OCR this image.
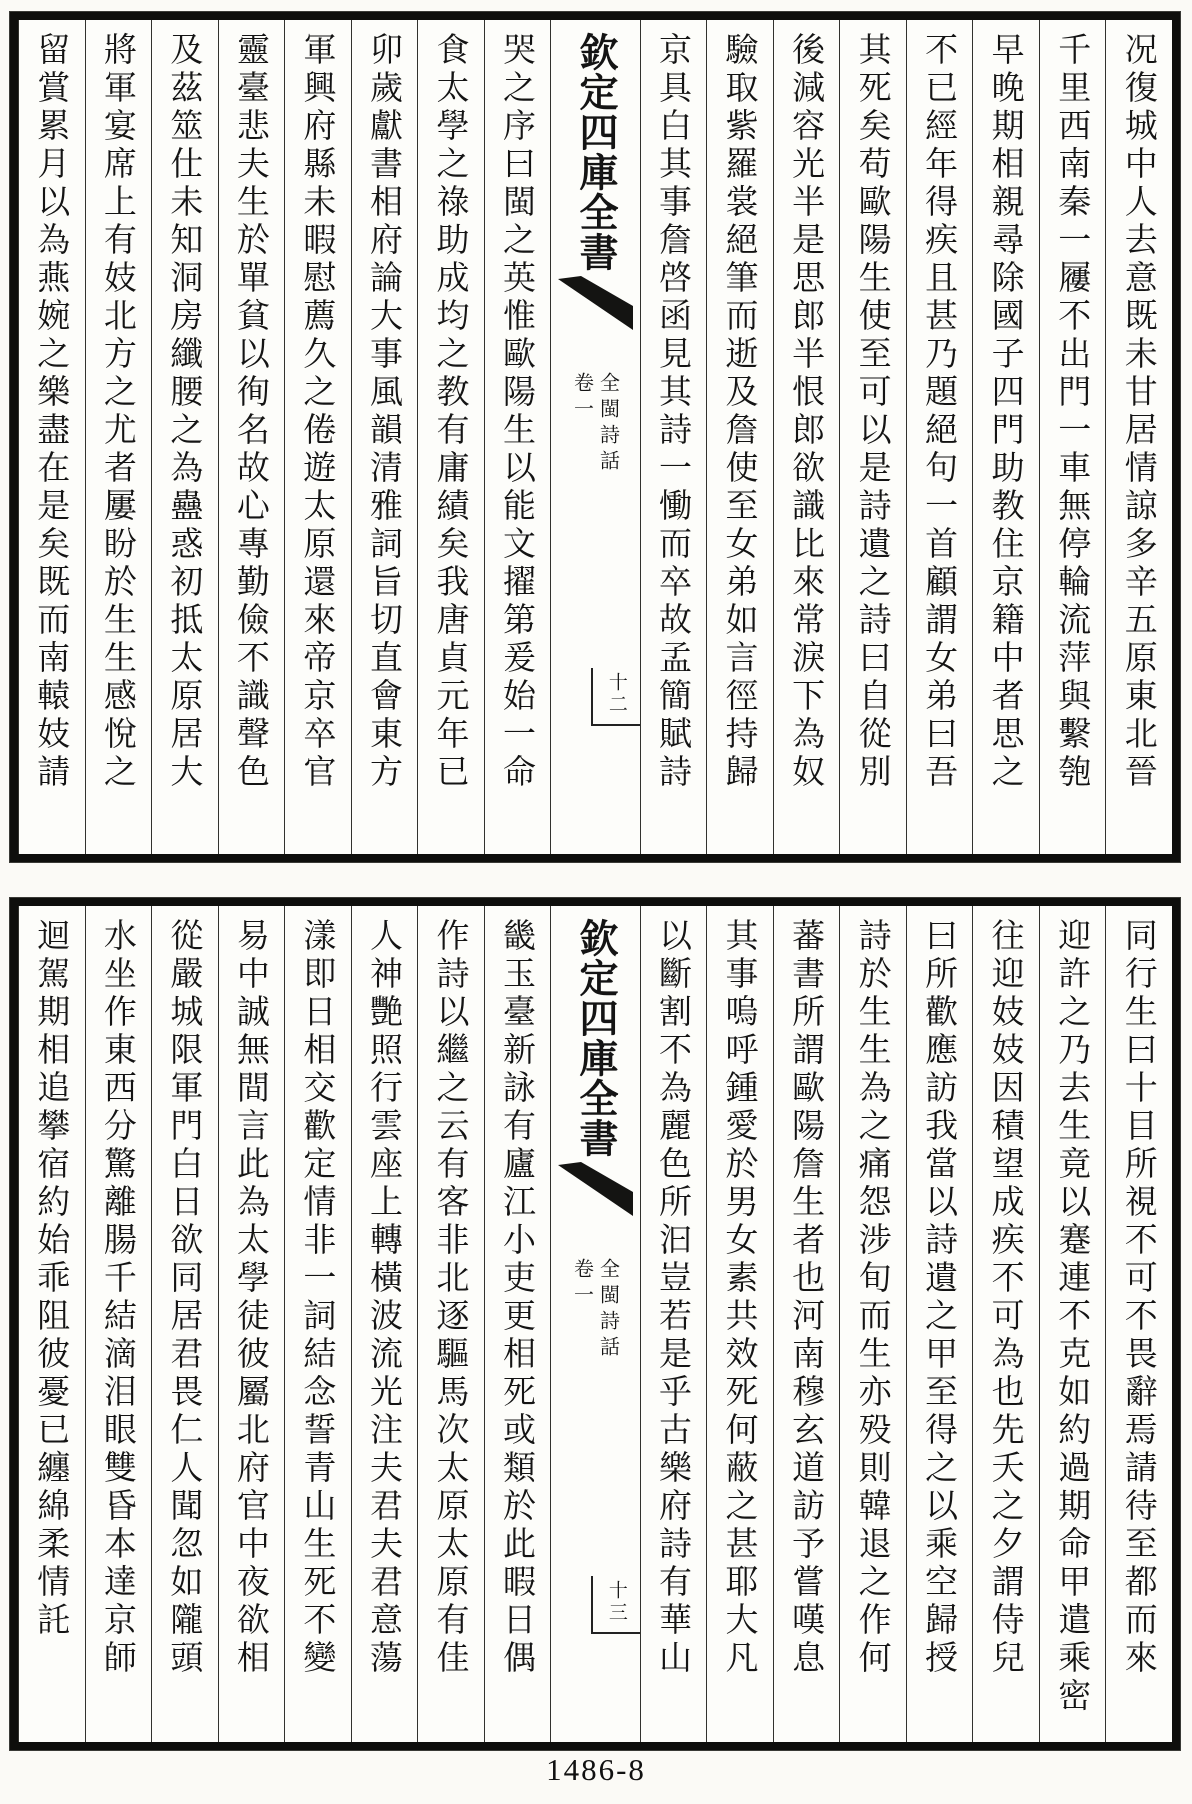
况復城中人去意既未甘居情諒多辛五原東北晉
千里西南秦一屨不出門一車無停輪流萍與繫匏
早晚期相親尋除國子四門助教住京籍中者思之
不已經年得疾且甚乃題絕句一首顧謂女弟曰吾
其死矣苟歐陽生使至可以是詩遺之詩曰自從別
後減容光半是思郎半恨郎欲識比來常淚下為奴
驗取紫羅裳絕筆而逝及詹使至女弟如言徑持歸
京具白其事詹啓函見其詩一慟而卒故孟簡賦詩
欽定四庫全書
全閩詩話
卷一
十二
哭之序曰閩之英惟歐陽生以能文擢第爰始一命
食太學之祿助成均之教有庸績矣我唐貞元年已
卯歲獻書相府論大事風韻清雅詞旨切直會東方
軍興府縣未暇慰薦久之倦遊太原還來帝京卒官
靈臺悲夫生於單貧以徇名故心專勤儉不識聲色
及茲筮仕未知洞房纖腰之為蠱惑初抵太原居大
將軍宴席上有妓北方之尤者屢盼於生生感悅之
留賞累月以為燕婉之樂盡在是矣既而南轅妓請
同行生曰十目所視不可不畏辭焉請待至都而來
迎許之乃去生竟以蹇連不克如約過期命甲遣乘密
往迎妓妓因積望成疾不可為也先夭之夕謂侍兒
曰所歡應訪我當以詩遺之甲至得之以乘空歸授
詩於生生為之痛怨涉旬而生亦殁則韓退之作何
蕃書所謂歐陽詹生者也河南穆玄道訪予嘗嘆息
其事嗚呼鍾愛於男女素共效死何蔽之甚耶大凡
以斷割不為麗色所汩豈若是乎古樂府詩有華山
欽定四庫全書
全閩詩話
卷一
十三
畿玉臺新詠有廬江小吏更相死或類於此暇日偶
作詩以繼之云有客非北逐驅馬次太原太原有佳
人神艷照行雲座上轉橫波流光注夫君夫君意蕩
漾即日相交歡定情非一詞結念誓青山生死不變
易中誠無間言此為太學徒彼屬北府官中夜欲相
從嚴城限軍門白日欲同居君畏仁人聞忽如隴頭
水坐作東西分驚離腸千結滴泪眼雙昏本達京師
迴駕期相追攀宿約始乖阻彼憂已纏綿柔情託
1486-8
